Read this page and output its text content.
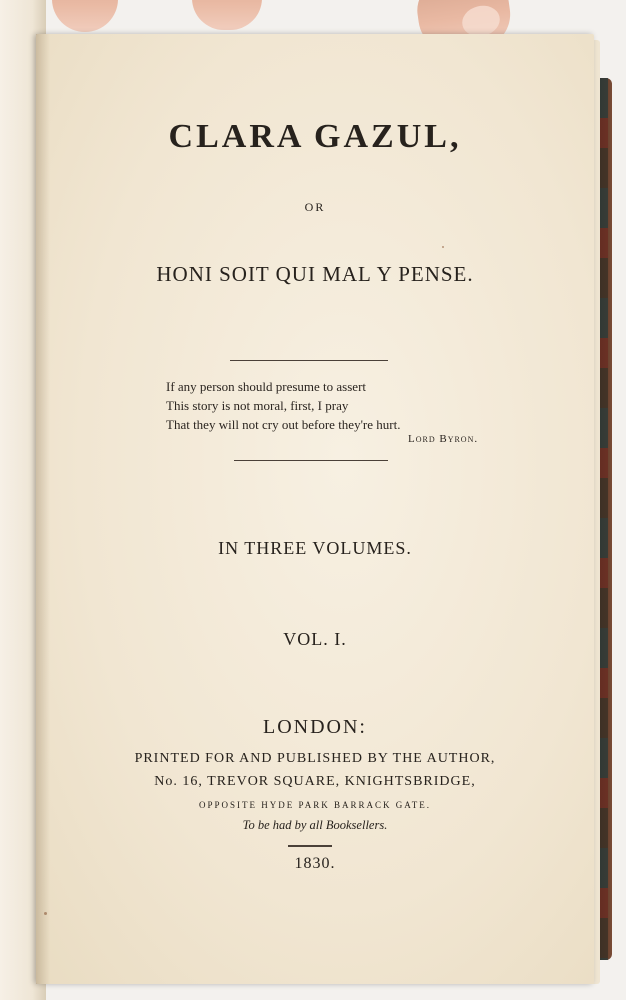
CLARA GAZUL,
OR
HONI SOIT QUI MAL Y PENSE.
If any person should presume to assert
This story is not moral, first, I pray
That they will not cry out before they're hurt.
Lord Byron.
IN THREE VOLUMES.
VOL. I.
LONDON:
PRINTED FOR AND PUBLISHED BY THE AUTHOR,
No. 16, TREVOR SQUARE, KNIGHTSBRIDGE,
OPPOSITE HYDE PARK BARRACK GATE.
To be had by all Booksellers.
1830.
